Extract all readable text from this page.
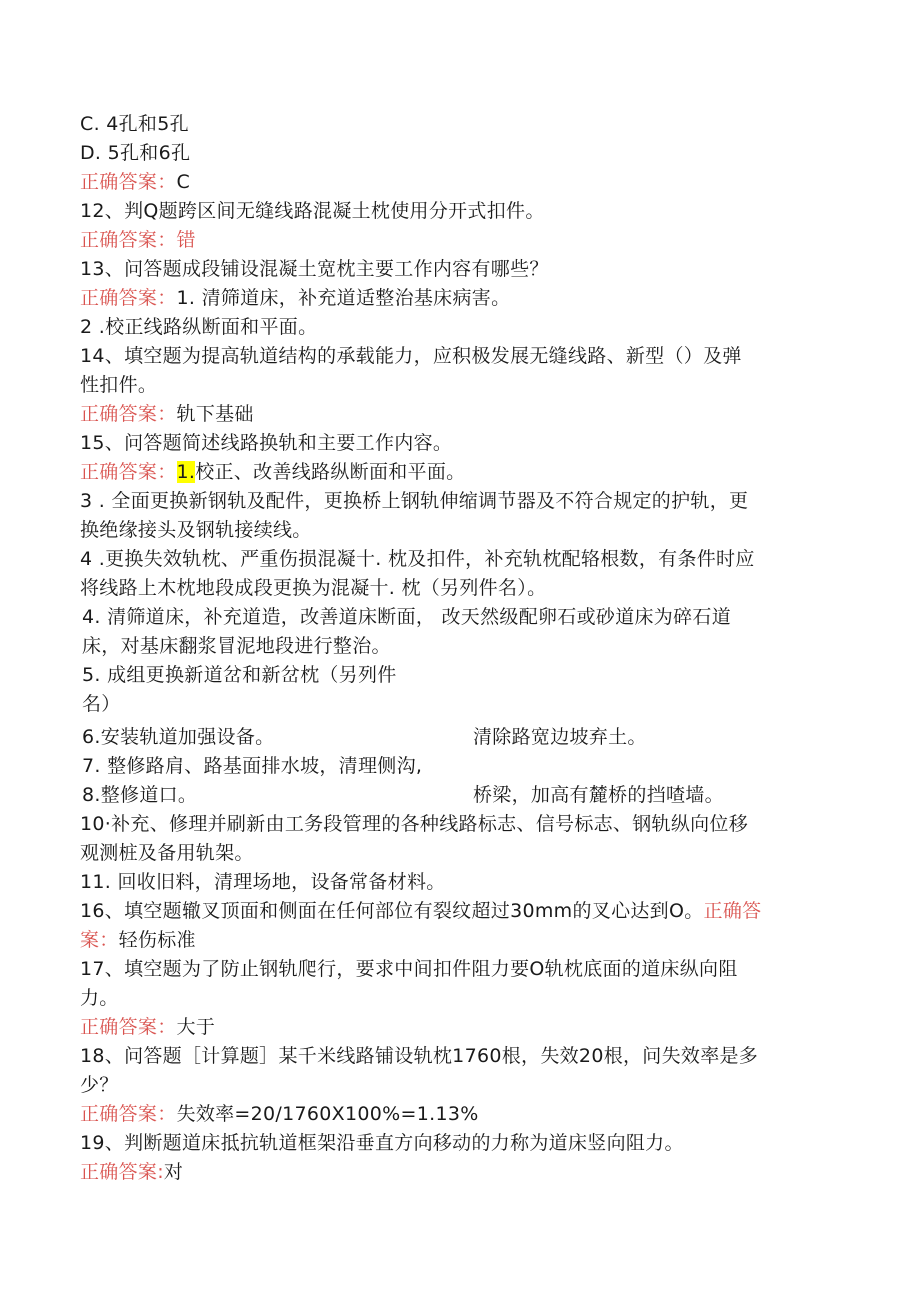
C. 4孔和5孔
D. 5孔和6孔
正确答案：C
12、判Q题跨区间无缝线路混凝土枕使用分开式扣件。
正确答案：错
13、问答题成段铺设混凝土宽枕主要工作内容有哪些？
正确答案：1. 清筛道床，补充道适整治基床病害。
2 .校正线路纵断面和平面。
14、填空题为提高轨道结构的承载能力，应积极发展无缝线路、新型（）及弹
性扣件。
正确答案：轨下基础
15、问答题简述线路换轨和主要工作内容。
正确答案：1.校正、改善线路纵断面和平面。
3 . 全面更换新钢轨及配件，更换桥上钢轨伸缩调节器及不符合规定的护轨，更
换绝缘接头及钢轨接续线。
4 .更换失效轨枕、严重伤损混凝十. 枕及扣件，补充轨枕配辂根数，有条件时应
将线路上木枕地段成段更换为混凝十. 枕（另列件名）。
4. 清筛道床，补充道造，改善道床断面， 改天然级配卵石或砂道床为碎石道
床，对基床翻浆冒泥地段进行整治。
5. 成组更换新道岔和新岔枕（另列件
名）
6.安装轨道加强设备。	清除路宽边坡弃土。
7. 整修路肩、路基面排水坡，清理侧沟,
8.整修道口。	桥梁，加高有麓桥的挡喳墙。
10·补充、修理并刷新由工务段管理的各种线路标志、信号标志、钢轨纵向位移
观测桩及备用轨架。
11. 回收旧料，清理场地，设备常备材料。
16、填空题辙叉顶面和侧面在任何部位有裂纹超过30mm的叉心达到O。正确答
案：轻伤标准
17、填空题为了防止钢轨爬行，要求中间扣件阻力要O轨枕底面的道床纵向阻
力。
正确答案：大于
18、问答题［计算题］某千米线路铺设轨枕1760根，失效20根，问失效率是多
少？
正确答案：失效率=20/1760X100%=1.13%
19、判断题道床抵抗轨道框架沿垂直方向移动的力称为道床竖向阻力。
正确答案:对
